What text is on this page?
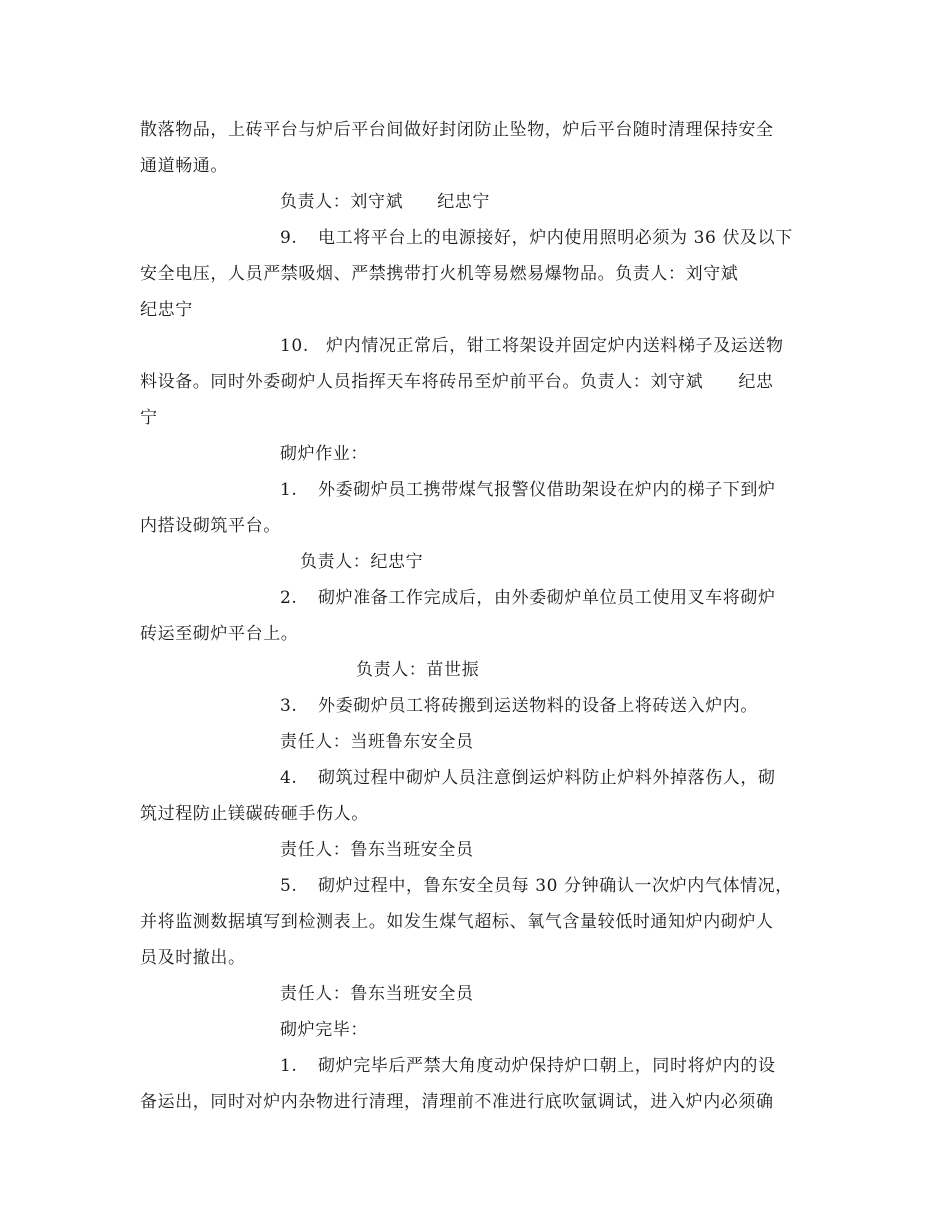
散落物品，上砖平台与炉后平台间做好封闭防止坠物，炉后平台随时清理保持安全
通道畅通。
负责人：刘守斌 纪忠宁
9. 电工将平台上的电源接好，炉内使用照明必须为 36 伏及以下
安全电压，人员严禁吸烟、严禁携带打火机等易燃易爆物品。负责人：刘守斌
纪忠宁
10. 炉内情况正常后，钳工将架设并固定炉内送料梯子及运送物
料设备。同时外委砌炉人员指挥天车将砖吊至炉前平台。负责人：刘守斌　　纪忠
宁
砌炉作业：
1. 外委砌炉员工携带煤气报警仪借助架设在炉内的梯子下到炉
内搭设砌筑平台。
负责人：纪忠宁
2. 砌炉准备工作完成后，由外委砌炉单位员工使用叉车将砌炉
砖运至砌炉平台上。
负责人：苗世振
3. 外委砌炉员工将砖搬到运送物料的设备上将砖送入炉内。
责任人：当班鲁东安全员
4. 砌筑过程中砌炉人员注意倒运炉料防止炉料外掉落伤人，砌
筑过程防止镁碳砖砸手伤人。
责任人：鲁东当班安全员
5. 砌炉过程中，鲁东安全员每 30 分钟确认一次炉内气体情况，
并将监测数据填写到检测表上。如发生煤气超标、氧气含量较低时通知炉内砌炉人
员及时撤出。
责任人：鲁东当班安全员
砌炉完毕：
1. 砌炉完毕后严禁大角度动炉保持炉口朝上，同时将炉内的设
备运出，同时对炉内杂物进行清理，清理前不准进行底吹氩调试，进入炉内必须确
